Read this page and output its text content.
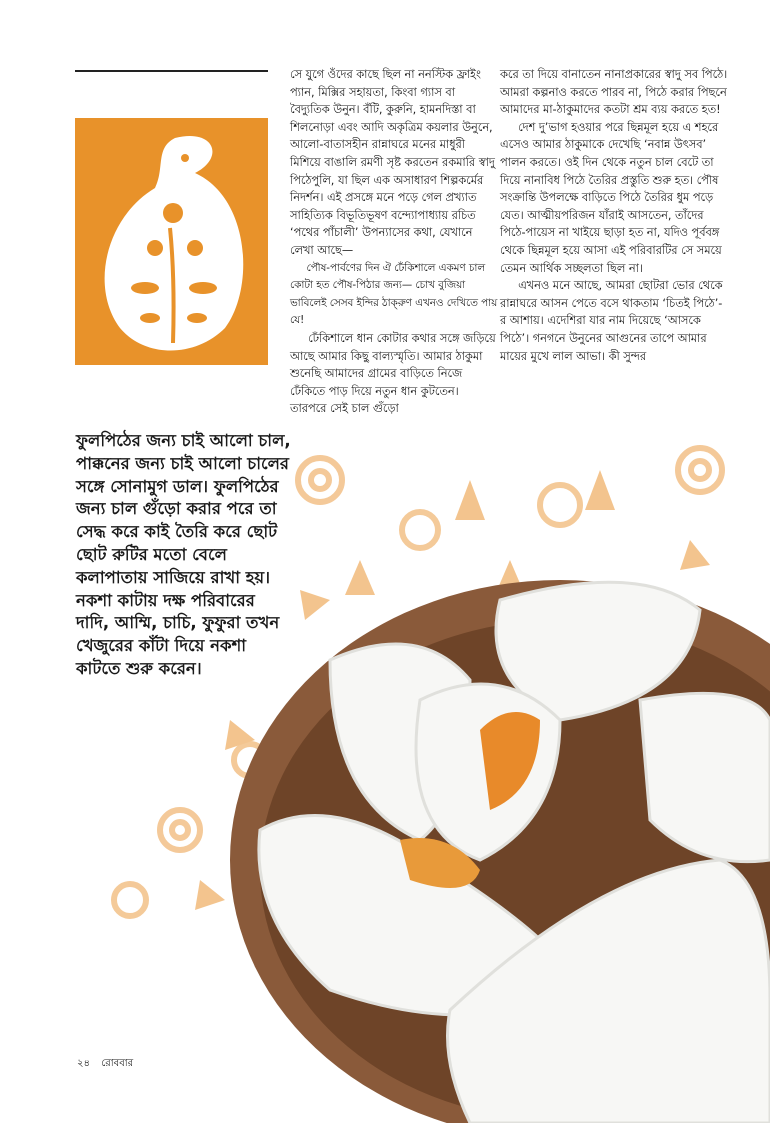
সে যুগে ওঁদের কাছে ছিল না ননস্টিক ফ্রাইং প্যান, মিক্সির সহায়তা, কিংবা গ্যাস বা বৈদ্যুতিক উনুন। বঁটি, কুরুনি, হামনদিস্তা বা শিলনোড়া এবং আদি অকৃত্রিম কয়লার উনুনে, আলো-বাতাসহীন রান্নাঘরে মনের মাধুরী মিশিয়ে বাঙালি রমণী সৃষ্ট করতেন রকমারি স্বাদু পিঠেপুলি, যা ছিল এক অসাধারণ শিল্পকর্মের নিদর্শন। এই প্রসঙ্গে মনে পড়ে গেল প্রখ্যাত সাহিত্যিক বিভূতিভূষণ বন্দ্যোপাধ্যায় রচিত ‘পথের পাঁচালী’ উপন্যাসের কথা, যেখানে লেখা আছে—

পৌষ-পার্বণের দিন ঐ ঢেঁকিশালে একমণ চাল কোটা হত পৌষ-পিঠার জন্য— চোখ বুজিয়া ভাবিলেই সেসব ইন্দির ঠাক্‌রুণ এখনও দেখিতে পায় যে!

ঢেঁকিশালে ধান কোটার কথার সঙ্গে জড়িয়ে আছে আমার কিছু বাল্যস্মৃতি। আমার ঠাকুমা শুনেছি আমাদের গ্রামের বাড়িতে নিজে ঢেঁকিতে পাড় দিয়ে নতুন ধান কুটতেন। তারপরে সেই চাল গুঁড়ো

করে তা দিয়ে বানাতেন নানাপ্রকারের স্বাদু সব পিঠে। আমরা কল্পনাও করতে পারব না, পিঠে করার পিছনে আমাদের মা-ঠাকুমাদের কতটা শ্রম ব্যয় করতে হত!

দেশ দু’ভাগ হওয়ার পরে ছিন্নমূল হয়ে এ শহরে এসেও আমার ঠাকুমাকে দেখেছি ‘নবান্ন উৎসব’ পালন করতে। ওই দিন থেকে নতুন চাল বেটে তা দিয়ে নানাবিধ পিঠে তৈরির প্রস্তুতি শুরু হত। পৌষ সংক্রান্তি উপলক্ষে বাড়িতে পিঠে তৈরির ধুম পড়ে যেত। আত্মীয়পরিজন যাঁরাই আসতেন, তাঁদের পিঠে-পায়েস না খাইয়ে ছাড়া হত না, যদিও পূর্ববঙ্গ থেকে ছিন্নমূল হয়ে আসা এই পরিবারটির সে সময়ে তেমন আর্থিক সচ্ছলতা ছিল না।

এখনও মনে আছে, আমরা ছোটরা ভোর থেকে রান্নাঘরে আসন পেতে বসে থাকতাম ‘চিতই পিঠে’-র আশায়। এদেশিরা যার নাম দিয়েছে ‘আসকে পিঠে’। গনগনে উনুনের আগুনের তাপে আমার মায়ের মুখে লাল আভা। কী সুন্দর

ফুলপিঠের জন্য চাই আলো চাল, পাক্কনের জন্য চাই আলো চালের সঙ্গে সোনামুগ ডাল। ফুলপিঠের জন্য চাল গুঁড়ো করার পরে তা সেদ্ধ করে কাই তৈরি করে ছোট ছোট রুটির মতো বেলে কলাপাতায় সাজিয়ে রাখা হয়। নকশা কাটায় দক্ষ পরিবারের দাদি, আম্মি, চাচি, ফুফুরা তখন খেজুরের কাঁটা দিয়ে নকশা কাটতে শুরু করেন।
২৪ রোববার
